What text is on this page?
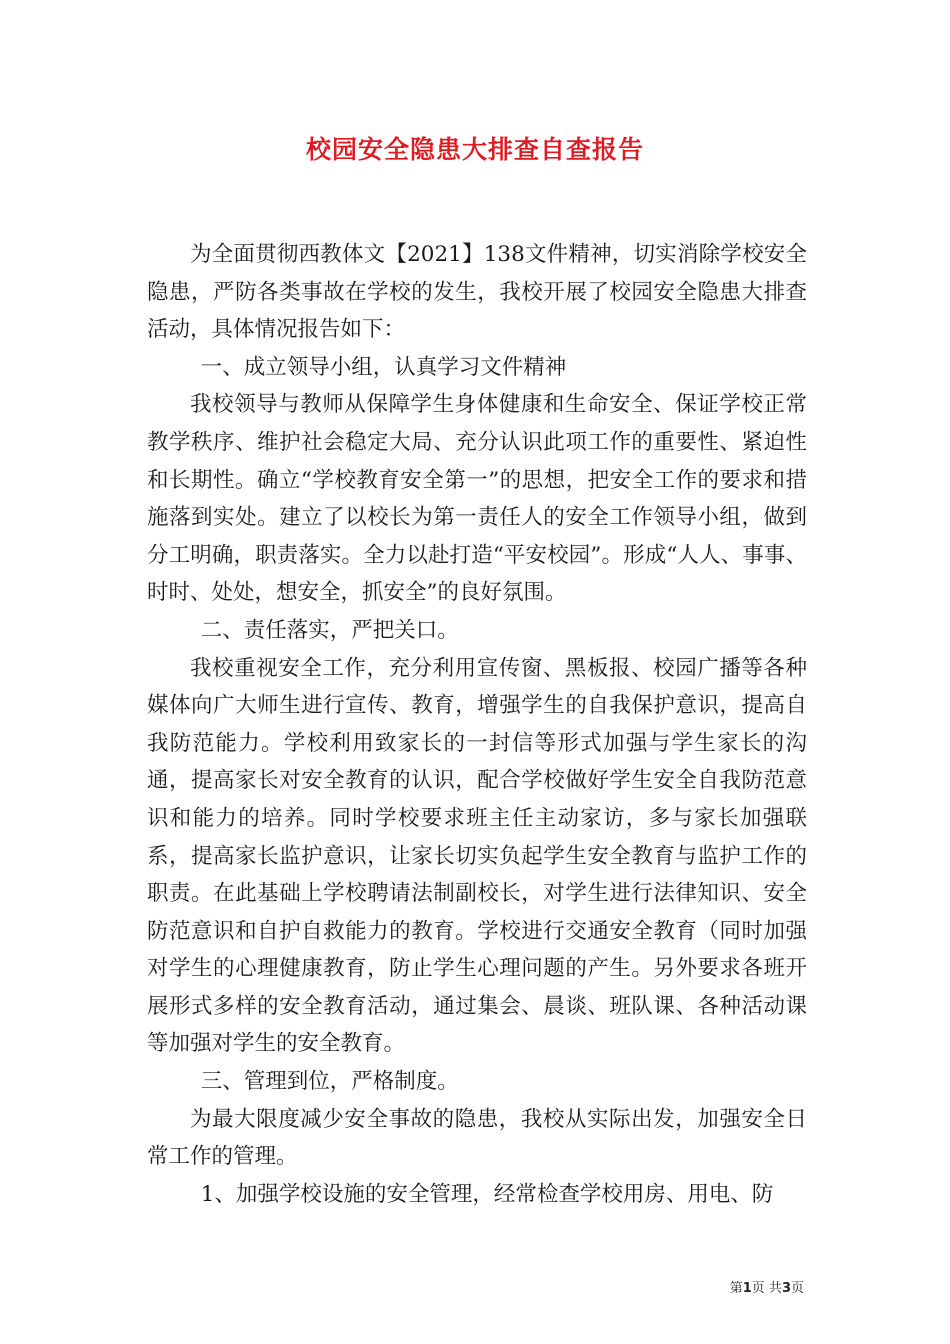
校园安全隐患大排查自查报告

为全面贯彻西教体文【2021】138文件精神，切实消除学校安全隐患，严防各类事故在学校的发生，我校开展了校园安全隐患大排查活动，具体情况报告如下：

一、成立领导小组，认真学习文件精神

我校领导与教师从保障学生身体健康和生命安全、保证学校正常教学秩序、维护社会稳定大局、充分认识此项工作的重要性、紧迫性和长期性。确立“学校教育安全第一”的思想，把安全工作的要求和措施落到实处。建立了以校长为第一责任人的安全工作领导小组，做到分工明确，职责落实。全力以赴打造“平安校园”。形成“人人、事事、时时、处处，想安全，抓安全”的良好氛围。

二、责任落实，严把关口。

我校重视安全工作，充分利用宣传窗、黑板报、校园广播等各种媒体向广大师生进行宣传、教育，增强学生的自我保护意识，提高自我防范能力。学校利用致家长的一封信等形式加强与学生家长的沟通，提高家长对安全教育的认识，配合学校做好学生安全自我防范意识和能力的培养。同时学校要求班主任主动家访，多与家长加强联系，提高家长监护意识，让家长切实负起学生安全教育与监护工作的职责。在此基础上学校聘请法制副校长，对学生进行法律知识、安全防范意识和自护自救能力的教育。学校进行交通安全教育（同时加强对学生的心理健康教育，防止学生心理问题的产生。另外要求各班开展形式多样的安全教育活动，通过集会、晨谈、班队课、各种活动课等加强对学生的安全教育。

三、管理到位，严格制度。

为最大限度减少安全事故的隐患，我校从实际出发，加强安全日常工作的管理。

1、加强学校设施的安全管理，经常检查学校用房、用电、防

第1页 共3页
